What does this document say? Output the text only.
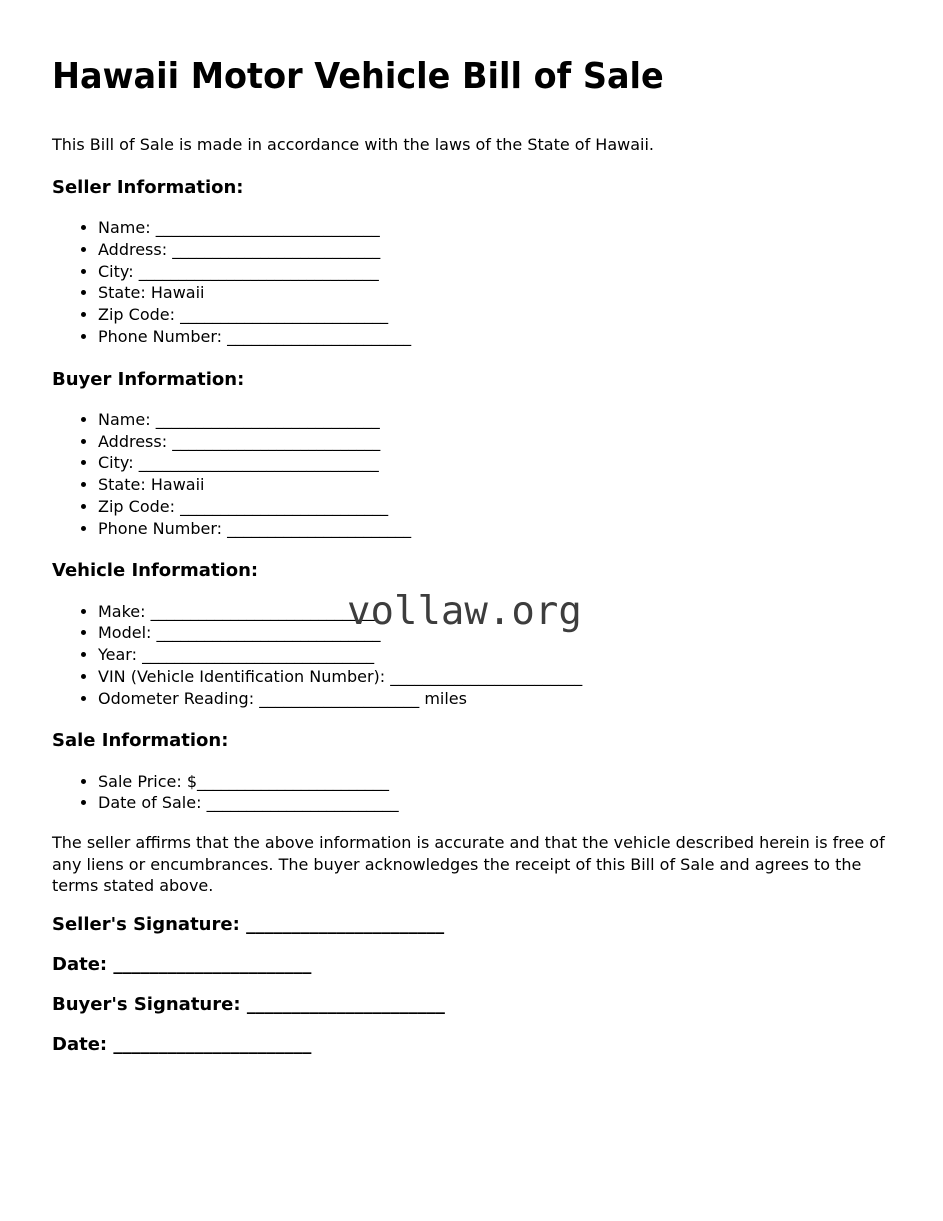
Hawaii Motor Vehicle Bill of Sale

This Bill of Sale is made in accordance with the laws of the State of Hawaii.

Seller Information:
• Name: ____________________________
• Address: __________________________
• City: ______________________________
• State: Hawaii
• Zip Code: __________________________
• Phone Number: _______________________
Buyer Information:
• Name: ____________________________
• Address: __________________________
• City: ______________________________
• State: Hawaii
• Zip Code: __________________________
• Phone Number: _______________________
Vehicle Information:
• Make: ____________________________
• Model: ____________________________
• Year: _____________________________
• VIN (Vehicle Identification Number): ________________________
• Odometer Reading: ____________________ miles
Sale Information:
• Sale Price: $________________________
• Date of Sale: ________________________

The seller affirms that the above information is accurate and that the vehicle described herein is free of any liens or encumbrances. The buyer acknowledges the receipt of this Bill of Sale and agrees to the terms stated above.

Seller's Signature: ______________________

Date: ______________________

Buyer's Signature: ______________________

Date: ______________________

vollaw.org
